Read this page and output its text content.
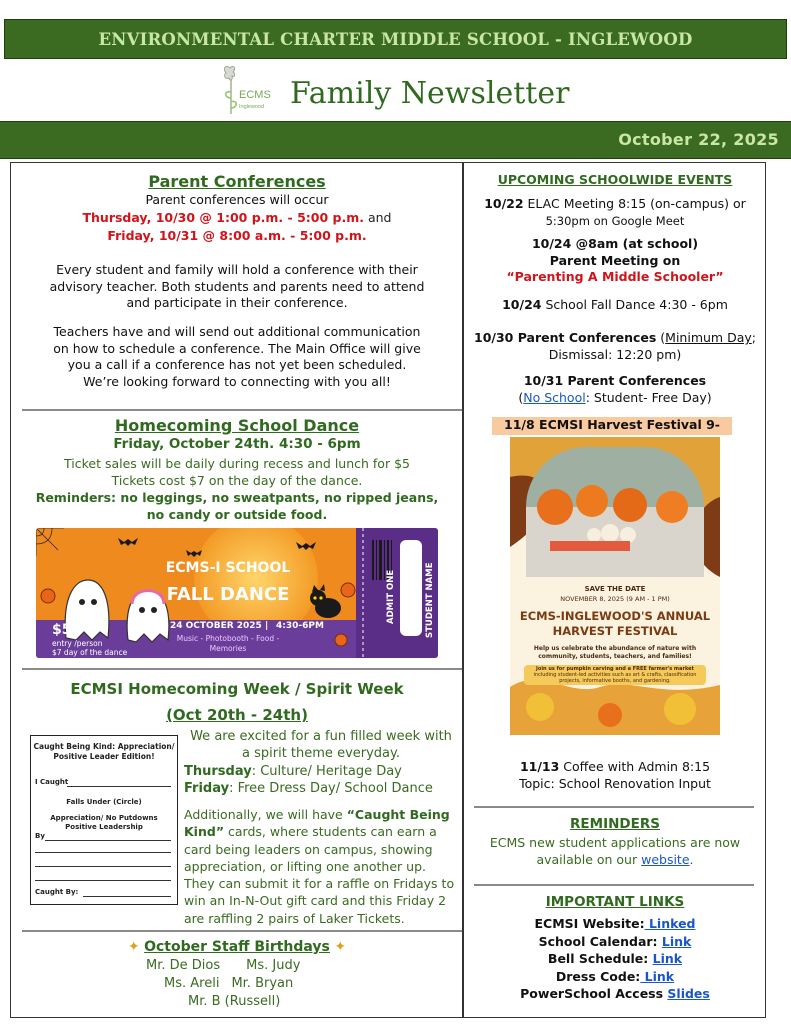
ENVIRONMENTAL CHARTER MIDDLE SCHOOL - INGLEWOOD
ECMS
Inglewood Family Newsletter
October 22, 2025
Parent Conferences
Parent conferences will occur
Thursday, 10/30 @ 1:00 p.m. - 5:00 p.m. and
Friday, 10/31 @ 8:00 a.m. - 5:00 p.m.
Every student and family will hold a conference with their
advisory teacher. Both students and parents need to attend
and participate in their conference.
Teachers have and will send out additional communication
on how to schedule a conference. The Main Office will give
you a call if a conference has not yet been scheduled.
We’re looking forward to connecting with you all!
Homecoming School Dance
Friday, October 24th. 4:30 - 6pm
Ticket sales will be daily during recess and lunch for $5
Tickets cost $7 on the day of the dance.
Reminders: no leggings, no sweatpants, no ripped jeans,
no candy or outside food.
ECMS-I SCHOOL
FALL DANCE
24 OCTOBER 2025 | 4:30-6PM
Music - Photobooth - Food -
Memories
$5
entry /person
$7 day of the dance
ADMIT ONE	STUDENT NAME
ECMSI Homecoming Week / Spirit Week
(Oct 20th - 24th)
Caught Being Kind: Appreciation/
Positive Leader Edition!
I Caught
Falls Under (Circle)
Appreciation/ No Putdowns
Positive Leadership
By
Caught By:
We are excited for a fun filled week with
a spirit theme everyday.
Thursday: Culture/ Heritage Day
Friday: Free Dress Day/ School Dance
Additionally, we will have “Caught Being
Kind” cards, where students can earn a
card being leaders on campus, showing
appreciation, or lifting one another up.
They can submit it for a raffle on Fridays to
win an In-N-Out gift card and this Friday 2
are raffling 2 pairs of Laker Tickets.
✦ October Staff Birthdays ✦
Mr. De Dios Ms. Judy
Ms. Areli Mr. Bryan
Mr. B (Russell)
UPCOMING SCHOOLWIDE EVENTS
10/22 ELAC Meeting 8:15 (on-campus) or
5:30pm on Google Meet
10/24 @8am (at school)
Parent Meeting on
“Parenting A Middle Schooler”
10/24 School Fall Dance 4:30 - 6pm
10/30 Parent Conferences (Minimum Day;
Dismissal: 12:20 pm)
10/31 Parent Conferences
(No School: Student- Free Day)
11/8 ECMSI Harvest Festival 9-
SAVE THE DATE
NOVEMBER 8, 2025 (9 AM - 1 PM)
ECMS-INGLEWOOD'S ANNUAL
HARVEST FESTIVAL
Help us celebrate the abundance of nature with
community, students, teachers, and families!
Join us for pumpkin carving and a FREE farmer's market
including student-led activities such as art & crafts, classification
projects, informative booths, and gardening.
11/13 Coffee with Admin 8:15
Topic: School Renovation Input
REMINDERS
ECMS new student applications are now
available on our website.
IMPORTANT LINKS
ECMSI Website: Linked
School Calendar: Link
Bell Schedule: Link
Dress Code: Link
PowerSchool Access Slides
